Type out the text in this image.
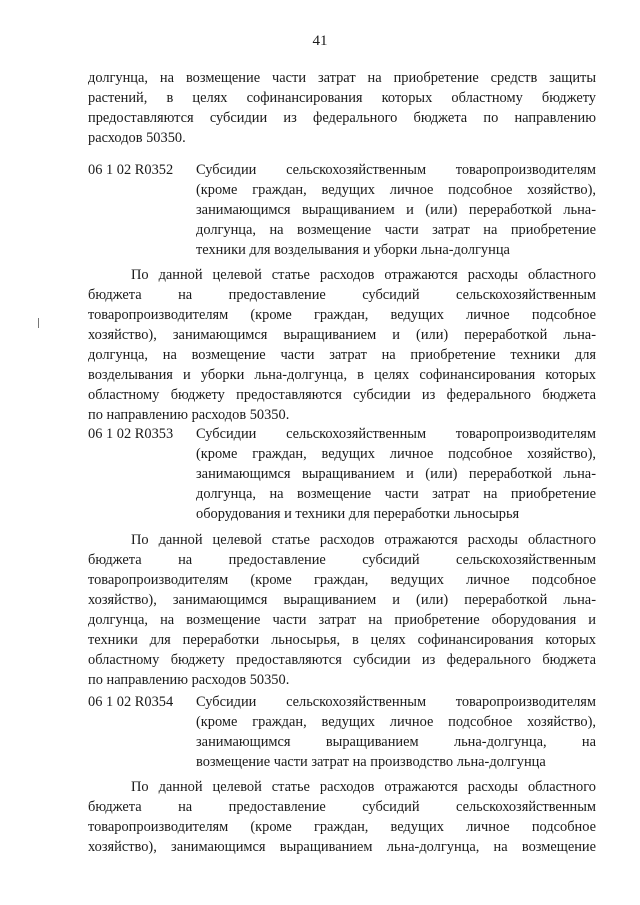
41
долгунца, на возмещение части затрат на приобретение средств защиты
растений, в целях софинансирования которых областному бюджету
предоставляются субсидии из федерального бюджета по направлению
расходов 50350.
06 1 02 R0352 Субсидии сельскохозяйственным товаропроизводителям
(кроме граждан, ведущих личное подсобное хозяйство),
занимающимся выращиванием и (или) переработкой льна-
долгунца, на возмещение части затрат на приобретение
техники для возделывания и уборки льна-долгунца
По данной целевой статье расходов отражаются расходы областного
бюджета на предоставление субсидий сельскохозяйственным
товаропроизводителям (кроме граждан, ведущих личное подсобное
хозяйство), занимающимся выращиванием и (или) переработкой льна-
долгунца, на возмещение части затрат на приобретение техники для
возделывания и уборки льна-долгунца, в целях софинансирования которых
областному бюджету предоставляются субсидии из федерального бюджета
по направлению расходов 50350.
06 1 02 R0353 Субсидии сельскохозяйственным товаропроизводителям
(кроме граждан, ведущих личное подсобное хозяйство),
занимающимся выращиванием и (или) переработкой льна-
долгунца, на возмещение части затрат на приобретение
оборудования и техники для переработки льносырья
По данной целевой статье расходов отражаются расходы областного
бюджета на предоставление субсидий сельскохозяйственным
товаропроизводителям (кроме граждан, ведущих личное подсобное
хозяйство), занимающимся выращиванием и (или) переработкой льна-
долгунца, на возмещение части затрат на приобретение оборудования и
техники для переработки льносырья, в целях софинансирования которых
областному бюджету предоставляются субсидии из федерального бюджета
по направлению расходов 50350.
06 1 02 R0354 Субсидии сельскохозяйственным товаропроизводителям
(кроме граждан, ведущих личное подсобное хозяйство),
занимающимся выращиванием льна-долгунца, на
возмещение части затрат на производство льна-долгунца
По данной целевой статье расходов отражаются расходы областного
бюджета на предоставление субсидий сельскохозяйственным
товаропроизводителям (кроме граждан, ведущих личное подсобное
хозяйство), занимающимся выращиванием льна-долгунца, на возмещение
